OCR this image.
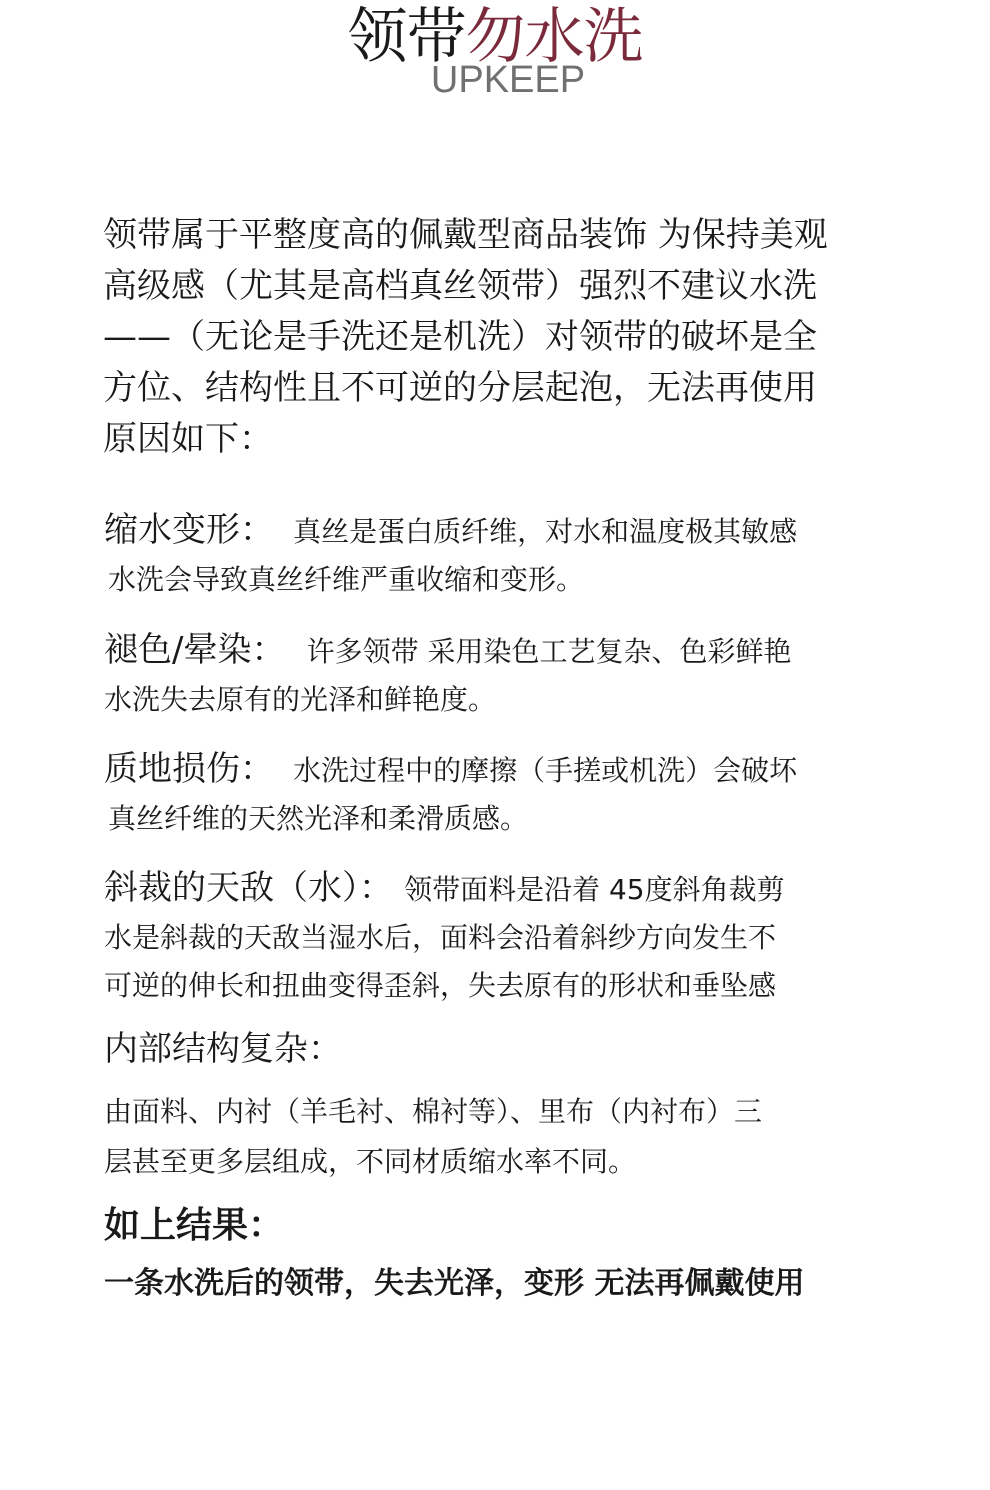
领带勿水洗
UPKEEP
领带属于平整度高的佩戴型商品装饰 为保持美观
高级感（尤其是高档真丝领带）强烈不建议水洗
——（无论是手洗还是机洗）对领带的破坏是全
方位、结构性且不可逆的分层起泡，无法再使用
原因如下：
缩水变形： 真丝是蛋白质纤维，对水和温度极其敏感
水洗会导致真丝纤维严重收缩和变形。
褪色/晕染： 许多领带 采用染色工艺复杂、色彩鲜艳
水洗失去原有的光泽和鲜艳度。
质地损伤： 水洗过程中的摩擦（手搓或机洗）会破坏
真丝纤维的天然光泽和柔滑质感。
斜裁的天敌（水）： 领带面料是沿着 45度斜角裁剪
水是斜裁的天敌当湿水后，面料会沿着斜纱方向发生不
可逆的伸长和扭曲变得歪斜，失去原有的形状和垂坠感
内部结构复杂：
由面料、内衬（羊毛衬、棉衬等）、里布（内衬布）三
层甚至更多层组成，不同材质缩水率不同。
如上结果：
一条水洗后的领带，失去光泽，变形 无法再佩戴使用
